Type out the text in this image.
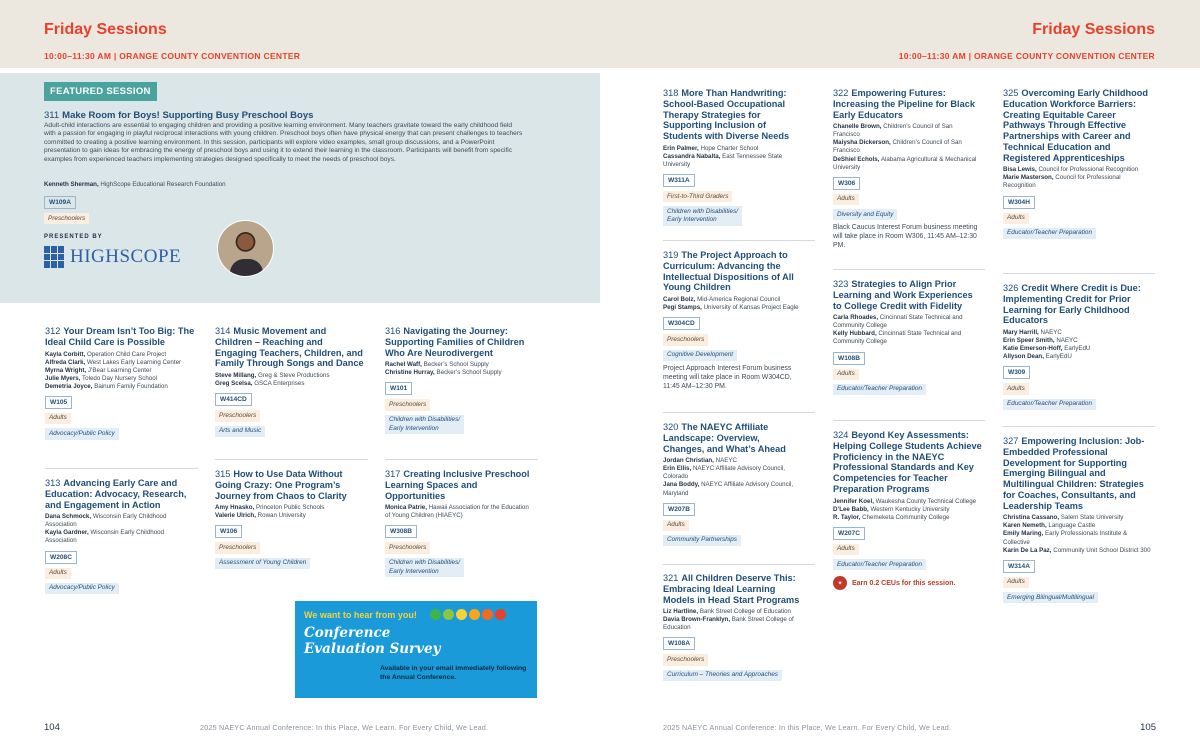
Friday Sessions
10:00–11:30 AM | ORANGE COUNTY CONVENTION CENTER
Friday Sessions
10:00–11:30 AM | ORANGE COUNTY CONVENTION CENTER
FEATURED SESSION
311 Make Room for Boys! Supporting Busy Preschool Boys
Adult-child interactions are essential to engaging children and providing a positive learning environment. Many teachers gravitate toward the early childhood field with a passion for engaging in playful reciprocal interactions with young children. Preschool boys often have physical energy that can present challenges to teachers committed to creating a positive learning environment. In this session, participants will explore video examples, small group discussions, and a PowerPoint presentation to gain ideas for embracing the energy of preschool boys and using it to extend their learning in the classroom. Participants will benefit from specific examples from experienced teachers implementing strategies designed specifically to meet the needs of preschool boys.
Kenneth Sherman, HighScope Educational Research Foundation
W109A
Preschoolers
PRESENTED BY
HIGHSCOPE
312 Your Dream Isn’t Too Big: The Ideal Child Care is Possible
Kayla Corbitt, Operation Child Care Project
Alfreda Clark, West Lakes Early Learning Center
Myrna Wright, J’Bear Learning Center
Julie Myers, Toledo Day Nursery School
Demetria Joyce, Bainum Family Foundation
W105
Adults
Advocacy/Public Policy
313 Advancing Early Care and Education: Advocacy, Research, and Engagement in Action
Dana Schmock, Wisconsin Early Childhood Association
Kayla Gardner, Wisconsin Early Childhood Association
W208C
Adults
Advocacy/Public Policy
314 Music Movement and Children – Reaching and Engaging Teachers, Children, and Family Through Songs and Dance
Steve Millang, Greg & Steve Productions
Greg Scelsa, GSCA Enterprises
W414CD
Preschoolers
Arts and Music
315 How to Use Data Without Going Crazy: One Program’s Journey from Chaos to Clarity
Amy Hnasko, Princeton Public Schools
Valerie Ulrich, Rowan University
W106
Preschoolers
Assessment of Young Children
316 Navigating the Journey: Supporting Families of Children Who Are Neurodivergent
Rachel Waff, Becker’s School Supply
Christine Hurray, Becker’s School Supply
W101
Preschoolers
Children with Disabilities/
Early Intervention
317 Creating Inclusive Preschool Learning Spaces and Opportunities
Monica Patrie, Hawaii Association for the Education of Young Children (HIAEYC)
W308B
Preschoolers
Children with Disabilities/
Early Intervention
We want to hear from you!
Conference Evaluation Survey
Available in your email immediately following the Annual Conference.
318 More Than Handwriting: School-Based Occupational Therapy Strategies for Supporting Inclusion of Students with Diverse Needs
Erin Palmer, Hope Charter School
Cassandra Nabalta, East Tennessee State University
W311A
First-to-Third Graders
Children with Disabilities/
Early Intervention
319 The Project Approach to Curriculum: Advancing the Intellectual Dispositions of All Young Children
Carol Bolz, Mid-America Regional Council
Pegi Stamps, University of Kansas Project Eagle
W304CD
Preschoolers
Cognitive Development
Project Approach Interest Forum business meeting will take place in Room W304CD, 11:45 AM–12:30 PM.
320 The NAEYC Affiliate Landscape: Overview, Changes, and What’s Ahead
Jordan Christian, NAEYC
Erin Ellis, NAEYC Affiliate Advisory Council, Colorado
Jana Boddy, NAEYC Affiliate Advisory Council, Maryland
W207B
Adults
Community Partnerships
321 All Children Deserve This: Embracing Ideal Learning Models in Head Start Programs
Liz Hartline, Bank Street College of Education
Davia Brown-Franklyn, Bank Street College of Education
W108A
Preschoolers
Curriculum – Theories and Approaches
322 Empowering Futures: Increasing the Pipeline for Black Early Educators
Chanelle Brown, Children’s Council of San Francisco
Maiysha Dickerson, Children’s Council of San Francisco
DeShiel Echols, Alabama Agricultural & Mechanical University
W306
Adults
Diversity and Equity
Black Caucus Interest Forum business meeting will take place in Room W306, 11:45 AM–12:30 PM.
323 Strategies to Align Prior Learning and Work Experiences to College Credit with Fidelity
Carla Rhoades, Cincinnati State Technical and Community College
Kelly Hubbard, Cincinnati State Technical and Community College
W108B
Adults
Educator/Teacher Preparation
324 Beyond Key Assessments: Helping College Students Achieve Proficiency in the NAEYC Professional Standards and Key Competencies for Teacher Preparation Programs
Jennifer Koel, Waukesha County Technical College
D’Lee Babb, Western Kentucky University
R. Taylor, Chemeketa Community College
W207C
Adults
Educator/Teacher Preparation
✦	Earn 0.2 CEUs for this session.
325 Overcoming Early Childhood Education Workforce Barriers: Creating Equitable Career Pathways Through Effective Partnerships with Career and Technical Education and Registered Apprenticeships
Bisa Lewis, Council for Professional Recognition
Marie Masterson, Council for Professional Recognition
W304H
Adults
Educator/Teacher Preparation
326 Credit Where Credit is Due: Implementing Credit for Prior Learning for Early Childhood Educators
Mary Harrill, NAEYC
Erin Speer Smith, NAEYC
Katie Emerson-Hoff, EarlyEdU
Allyson Dean, EarlyEdU
W309
Adults
Educator/Teacher Preparation
327 Empowering Inclusion: Job-Embedded Professional Development for Supporting Emerging Bilingual and Multilingual Children: Strategies for Coaches, Consultants, and Leadership Teams
Christina Cassano, Salem State University
Karen Nemeth, Language Castle
Emily Maring, Early Professionals Institute & Collective
Karin De La Paz, Community Unit School District 300
W314A
Adults
Emerging Bilingual/Multilingual
104	2025 NAEYC Annual Conference: In this Place, We Learn. For Every Child, We Lead.	2025 NAEYC Annual Conference: In this Place, We Learn. For Every Child, We Lead.	105
